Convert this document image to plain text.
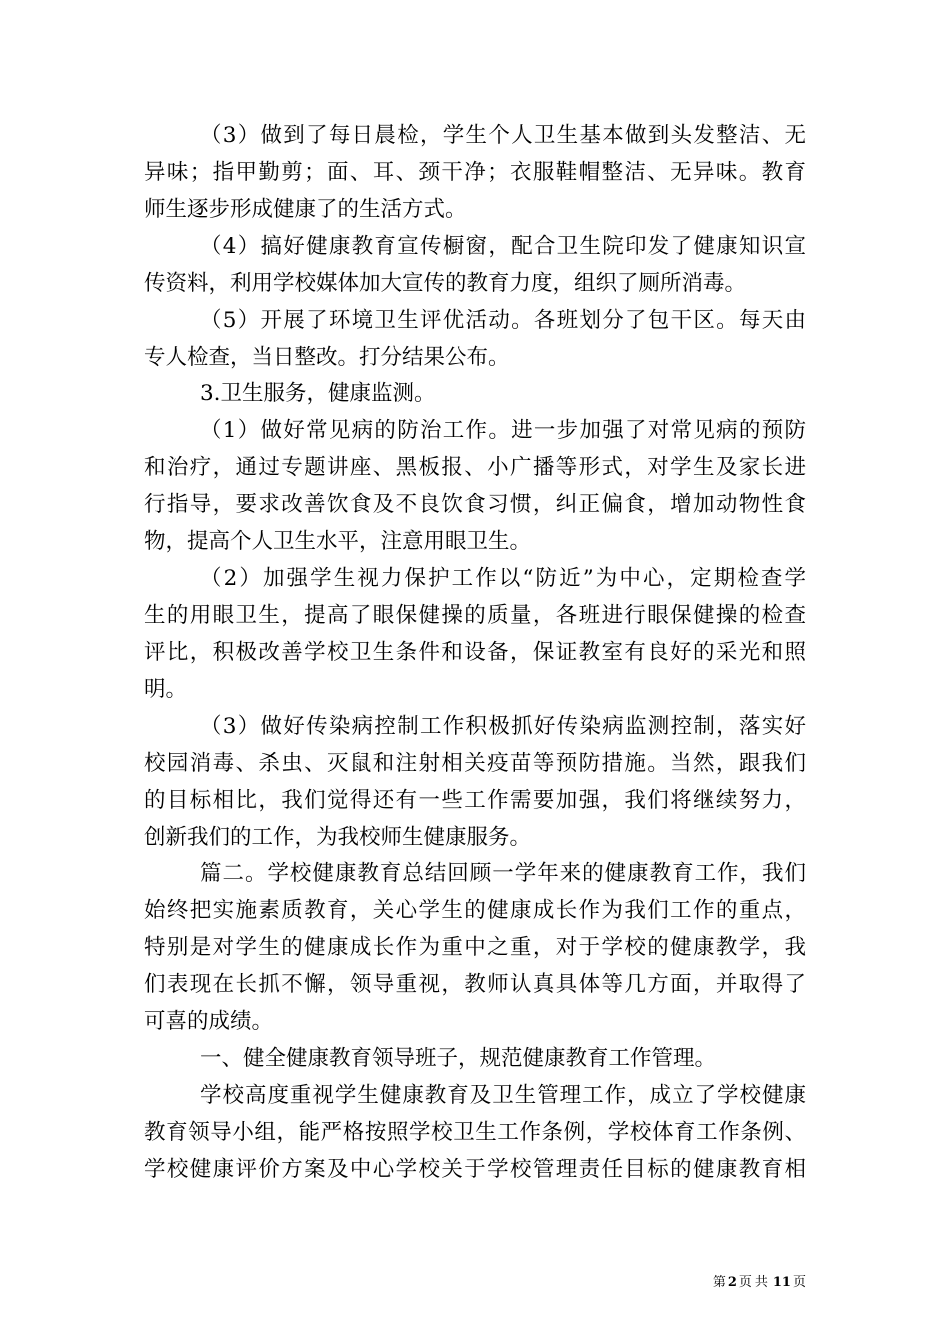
（3）做到了每日晨检，学生个人卫生基本做到头发整洁、无
异味；指甲勤剪；面、耳、颈干净；衣服鞋帽整洁、无异味。教育
师生逐步形成健康了的生活方式。
（4）搞好健康教育宣传橱窗，配合卫生院印发了健康知识宣
传资料，利用学校媒体加大宣传的教育力度，组织了厕所消毒。
（5）开展了环境卫生评优活动。各班划分了包干区。每天由
专人检查，当日整改。打分结果公布。
3.卫生服务，健康监测。
（1）做好常见病的防治工作。进一步加强了对常见病的预防
和治疗，通过专题讲座、黑板报、小广播等形式，对学生及家长进
行指导，要求改善饮食及不良饮食习惯，纠正偏食，增加动物性食
物，提高个人卫生水平，注意用眼卫生。
（2）加强学生视力保护工作以“防近”为中心，定期检查学
生的用眼卫生，提高了眼保健操的质量，各班进行眼保健操的检查
评比，积极改善学校卫生条件和设备，保证教室有良好的采光和照
明。
（3）做好传染病控制工作积极抓好传染病监测控制，落实好
校园消毒、杀虫、灭鼠和注射相关疫苗等预防措施。当然，跟我们
的目标相比，我们觉得还有一些工作需要加强，我们将继续努力，
创新我们的工作，为我校师生健康服务。
篇二。学校健康教育总结回顾一学年来的健康教育工作，我们
始终把实施素质教育，关心学生的健康成长作为我们工作的重点，
特别是对学生的健康成长作为重中之重，对于学校的健康教学，我
们表现在长抓不懈，领导重视，教师认真具体等几方面，并取得了
可喜的成绩。
一、健全健康教育领导班子，规范健康教育工作管理。
学校高度重视学生健康教育及卫生管理工作，成立了学校健康
教育领导小组，能严格按照学校卫生工作条例，学校体育工作条例、
学校健康评价方案及中心学校关于学校管理责任目标的健康教育相
第 2 页共 11 页
